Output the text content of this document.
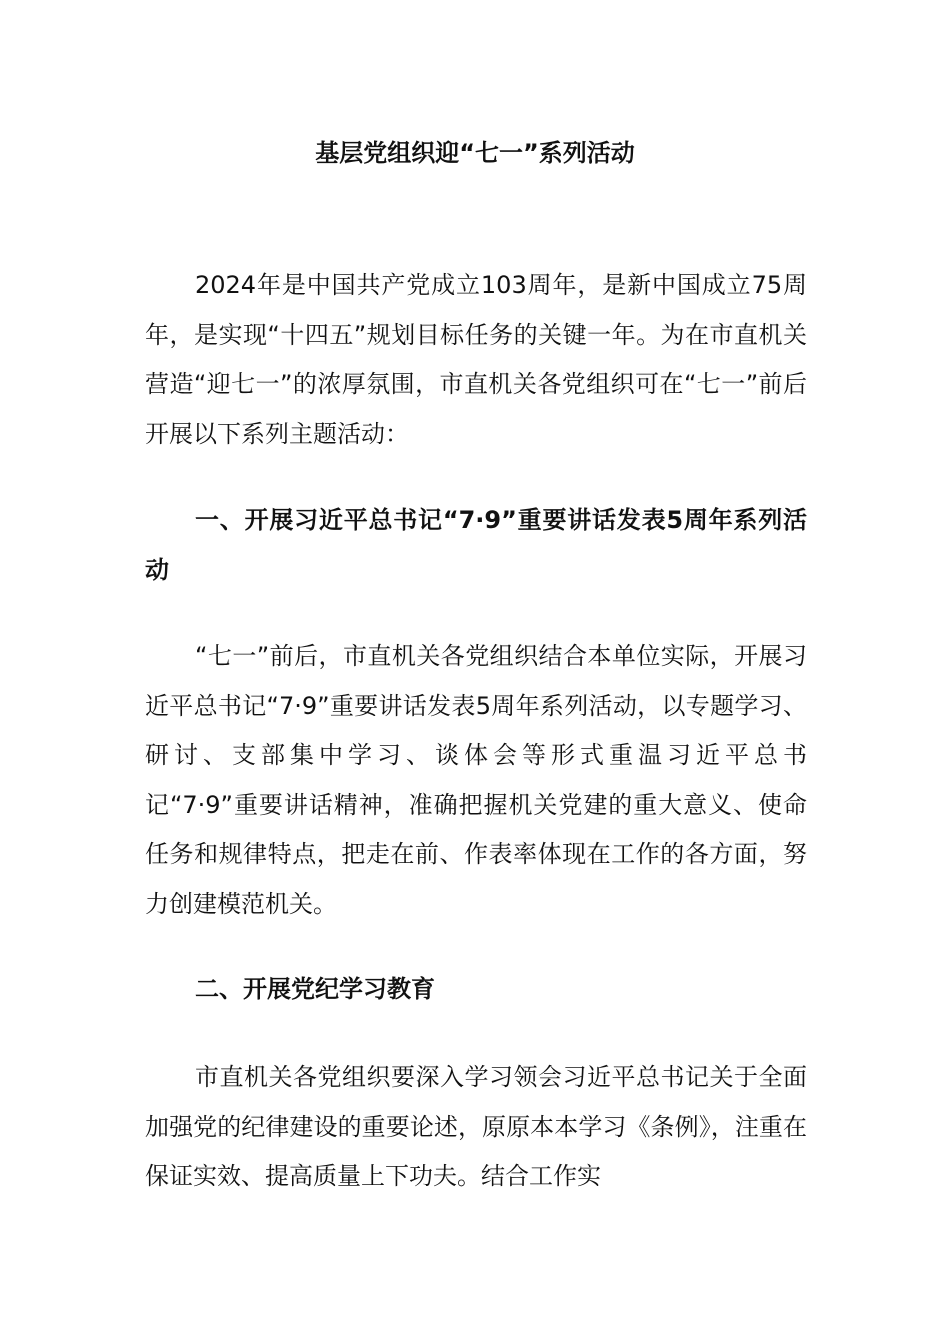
基层党组织迎“七一”系列活动

2024年是中国共产党成立103周年，是新中国成立75周年，是实现“十四五”规划目标任务的关键一年。为在市直机关营造“迎七一”的浓厚氛围，市直机关各党组织可在“七一”前后开展以下系列主题活动：

一、开展习近平总书记“7·9”重要讲话发表5周年系列活动

“七一”前后，市直机关各党组织结合本单位实际，开展习近平总书记“7·9”重要讲话发表5周年系列活动，以专题学习、研讨、支部集中学习、谈体会等形式重温习近平总书记“7·9”重要讲话精神，准确把握机关党建的重大意义、使命任务和规律特点，把走在前、作表率体现在工作的各方面，努力创建模范机关。

二、开展党纪学习教育

市直机关各党组织要深入学习领会习近平总书记关于全面加强党的纪律建设的重要论述，原原本本学习《条例》，注重在保证实效、提高质量上下功夫。结合工作实
